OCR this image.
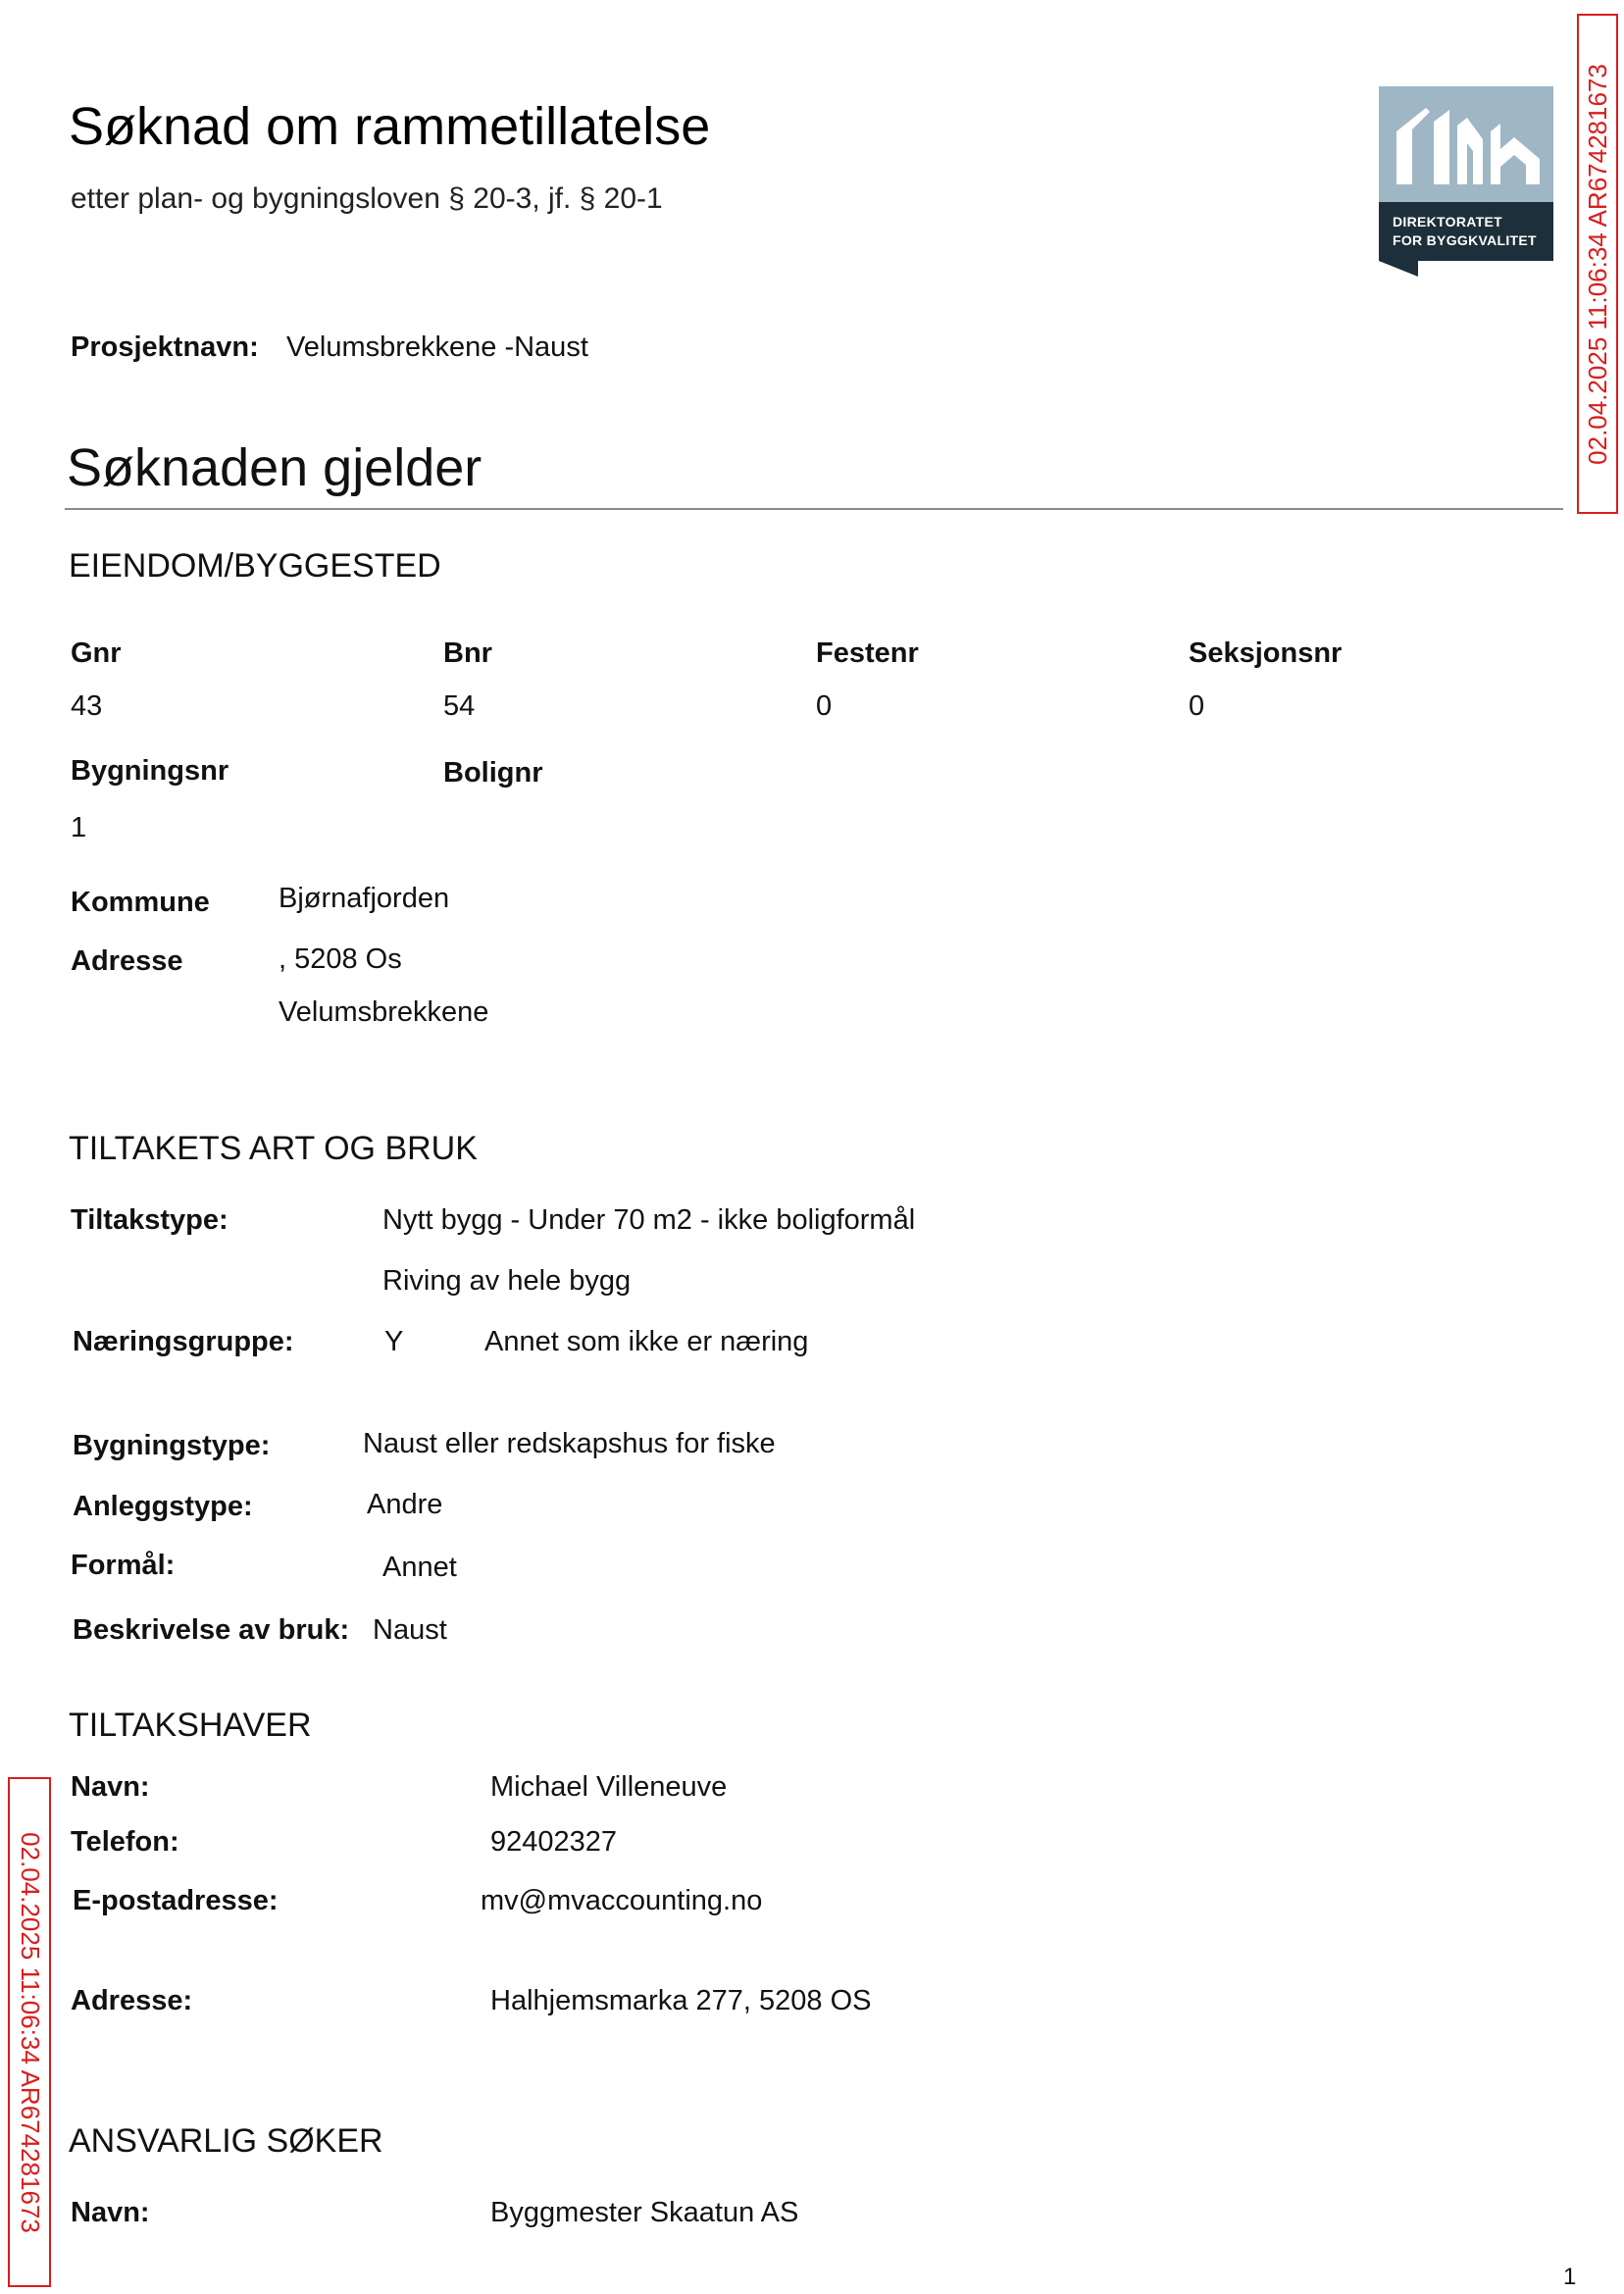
Søknad om rammetillatelse
etter plan- og bygningsloven § 20-3, jf. § 20-1
DIREKTORATET
FOR BYGGKVALITET 02.04.2025 11:06:34 AR674281673
02.04.2025 11:06:34 AR674281673
Prosjektnavn: Velumsbrekkene -Naust
Søknaden gjelder
EIENDOM/BYGGESTED
Gnr	Bnr	Festenr	Seksjonsnr
43	54	0	0
Bygningsnr	Bolignr
1
Kommune Bjørnafjorden
Adresse	, 5208 Os
Velumsbrekkene
TILTAKETS ART OG BRUK
Tiltakstype:	Nytt bygg - Under 70 m2 - ikke boligformål
Riving av hele bygg
Næringsgruppe:	Y	Annet som ikke er næring
Bygningstype:	Naust eller redskapshus for fiske
Anleggstype:	Andre
Formål:	Annet
Beskrivelse av bruk: Naust
TILTAKSHAVER
Navn:	Michael Villeneuve
Telefon:	92402327
E-postadresse:	mv@mvaccounting.no
Adresse:	Halhjemsmarka 277, 5208 OS
ANSVARLIG SØKER
Navn:	Byggmester Skaatun AS
1
